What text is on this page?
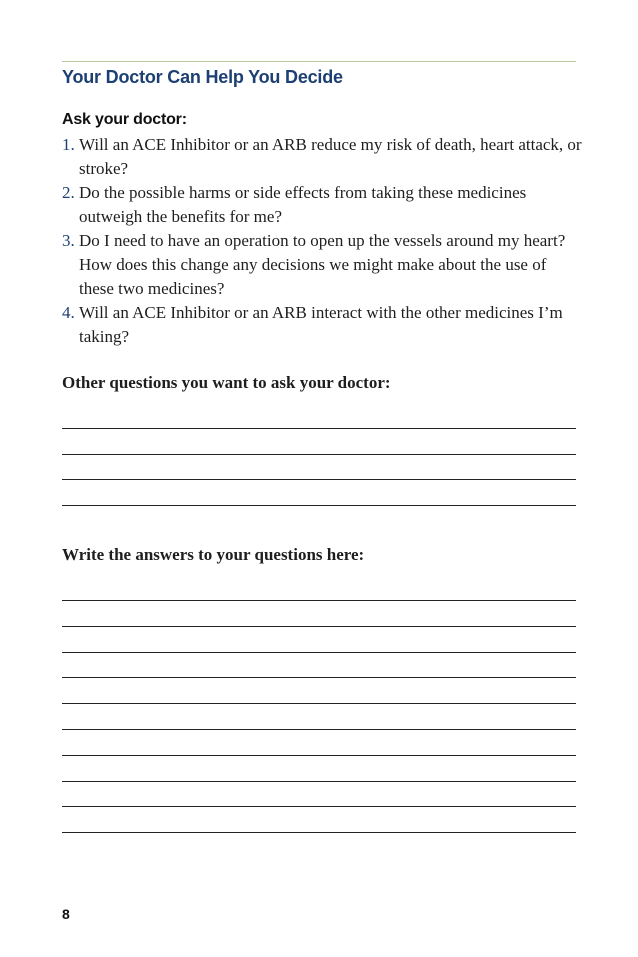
Your Doctor Can Help You Decide
Ask your doctor:
1. Will an ACE Inhibitor or an ARB reduce my risk of death, heart attack, or stroke?
2. Do the possible harms or side effects from taking these medicines outweigh the benefits for me?
3. Do I need to have an operation to open up the vessels around my heart? How does this change any decisions we might make about the use of these two medicines?
4. Will an ACE Inhibitor or an ARB interact with the other medicines I’m taking?
Other questions you want to ask your doctor:
Write the answers to your questions here:
8
